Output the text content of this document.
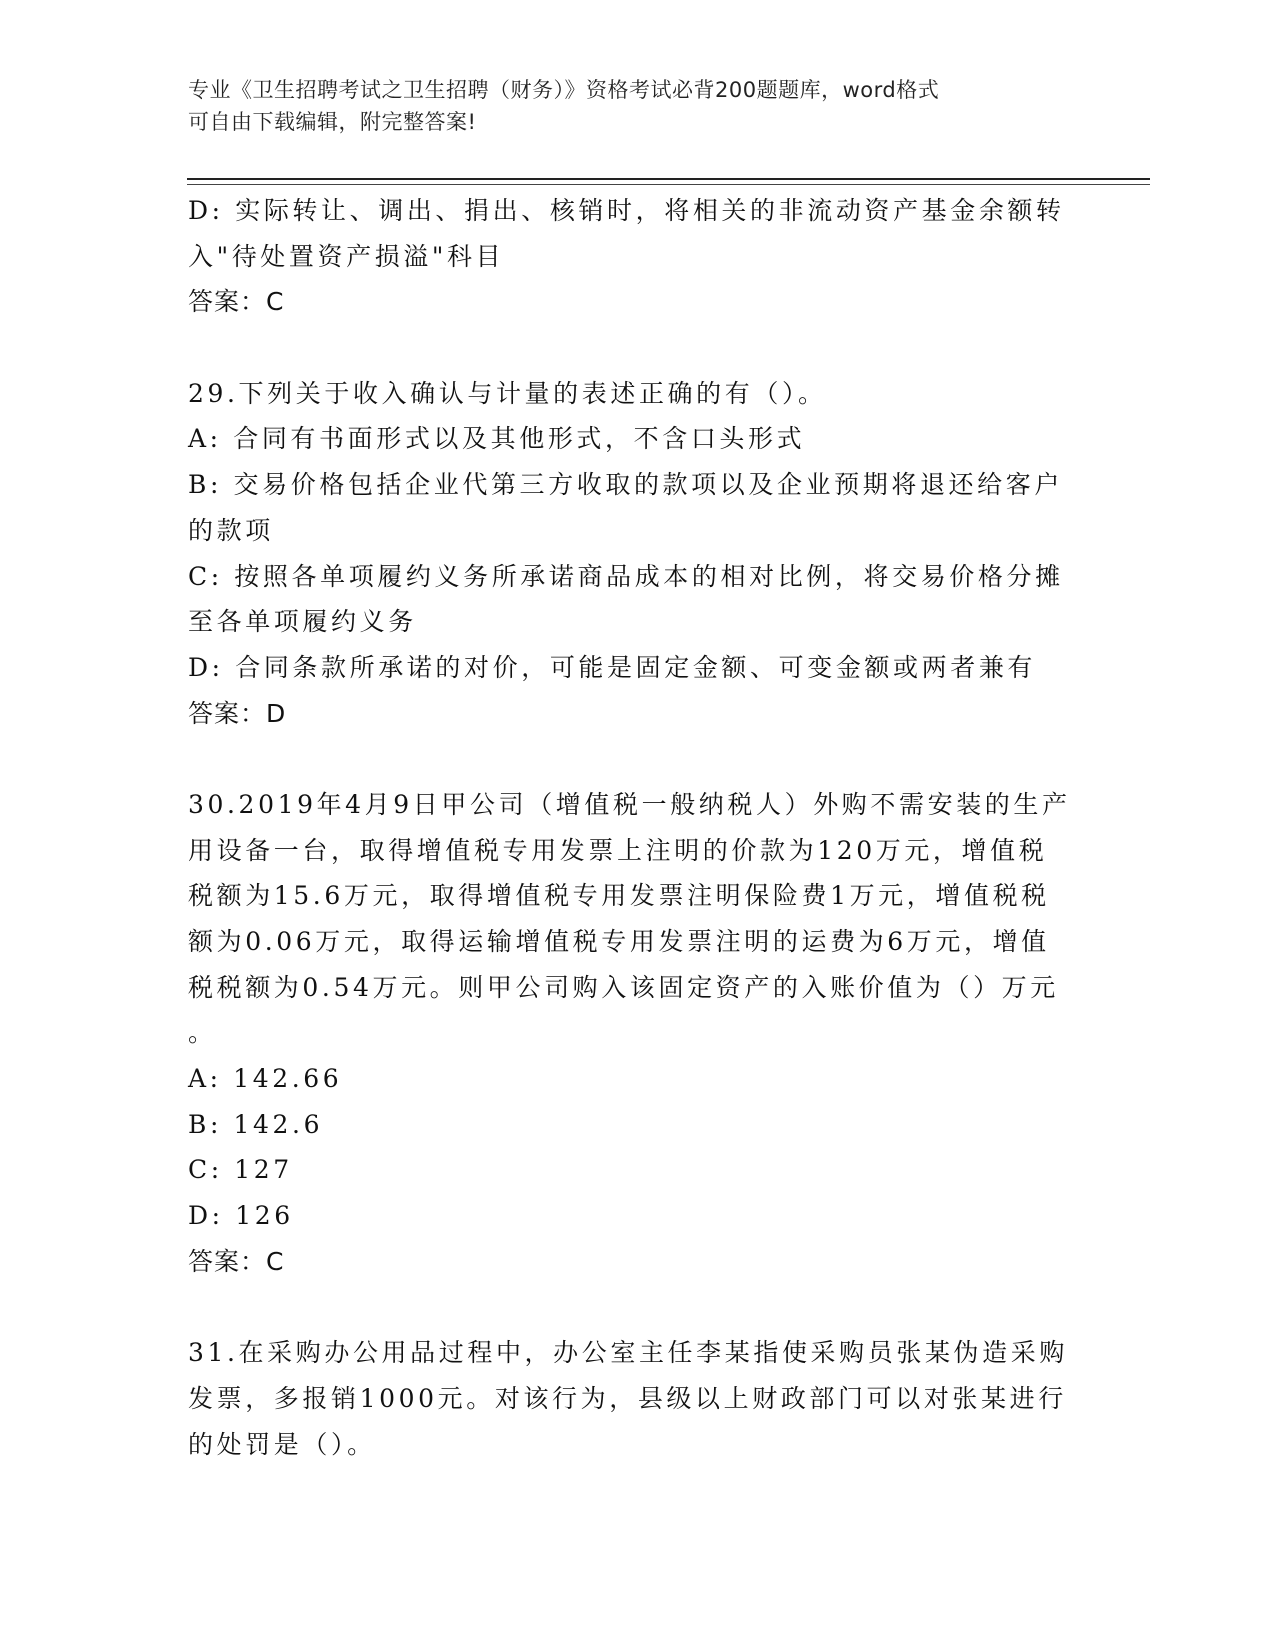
专业《卫生招聘考试之卫生招聘（财务）》资格考试必背200题题库，word格式
可自由下载编辑，附完整答案!
D: 实际转让、调出、捐出、核销时，将相关的非流动资产基金余额转
入"待处置资产损溢"科目
答案：C
29.下列关于收入确认与计量的表述正确的有（）。
A: 合同有书面形式以及其他形式，不含口头形式
B: 交易价格包括企业代第三方收取的款项以及企业预期将退还给客户
的款项
C: 按照各单项履约义务所承诺商品成本的相对比例，将交易价格分摊
至各单项履约义务
D: 合同条款所承诺的对价，可能是固定金额、可变金额或两者兼有
答案：D
30.2019年4月9日甲公司（增值税一般纳税人）外购不需安装的生产
用设备一台，取得增值税专用发票上注明的价款为120万元，增值税
税额为15.6万元，取得增值税专用发票注明保险费1万元，增值税税
额为0.06万元，取得运输增值税专用发票注明的运费为6万元，增值
税税额为0.54万元。则甲公司购入该固定资产的入账价值为（）万元
。
A: 142.66
B: 142.6
C: 127
D: 126
答案：C
31.在采购办公用品过程中，办公室主任李某指使采购员张某伪造采购
发票，多报销1000元。对该行为，县级以上财政部门可以对张某进行
的处罚是（）。
